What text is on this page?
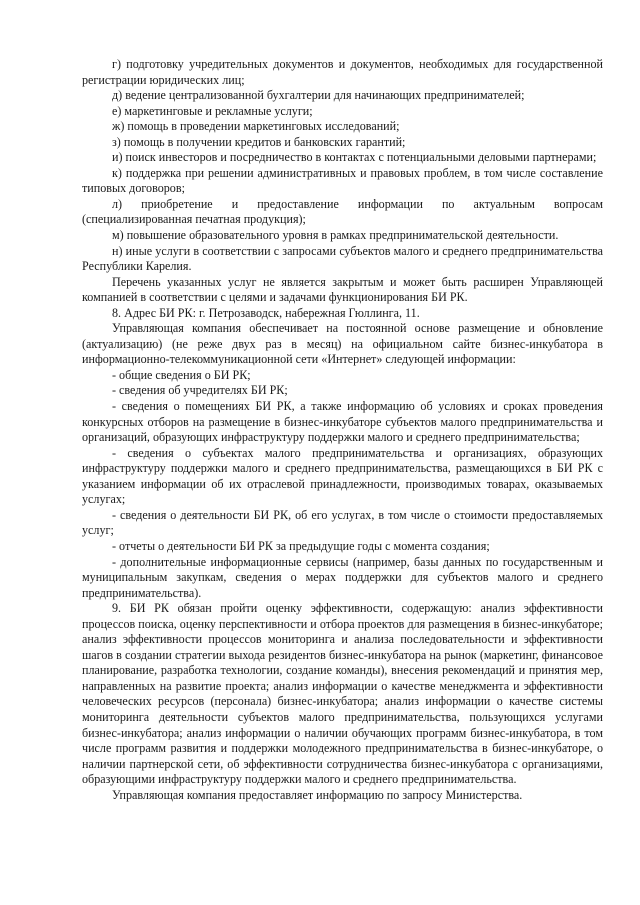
г) подготовку учредительных документов и документов, необходимых для государственной регистрации юридических лиц;

д) ведение централизованной бухгалтерии для начинающих предпринимателей;

е) маркетинговые и рекламные услуги;

ж) помощь в проведении маркетинговых исследований;

з) помощь в получении кредитов и банковских гарантий;

и) поиск инвесторов и посредничество в контактах с потенциальными деловыми партнерами;

к) поддержка при решении административных и правовых проблем, в том числе составление типовых договоров;

л) приобретение и предоставление информации по актуальным вопросам (специализированная печатная продукция);

м) повышение образовательного уровня в рамках предпринимательской деятельности.

н) иные услуги в соответствии с запросами субъектов малого и среднего предпринимательства Республики Карелия.

Перечень указанных услуг не является закрытым и может быть расширен Управляющей компанией в соответствии с целями и задачами функционирования БИ РК.

8. Адрес БИ РК: г. Петрозаводск, набережная Гюллинга, 11.

Управляющая компания обеспечивает на постоянной основе размещение и обновление (актуализацию) (не реже двух раз в месяц) на официальном сайте бизнес-инкубатора в информационно-телекоммуникационной сети «Интернет» следующей информации:

- общие сведения о БИ РК;

- сведения об учредителях БИ РК;

- сведения о помещениях БИ РК, а также информацию об условиях и сроках проведения конкурсных отборов на размещение в бизнес-инкубаторе субъектов малого предпринимательства и организаций, образующих инфраструктуру поддержки малого и среднего предпринимательства;

- сведения о субъектах малого предпринимательства и организациях, образующих инфраструктуру поддержки малого и среднего предпринимательства, размещающихся в БИ РК с указанием информации об их отраслевой принадлежности, производимых товарах, оказываемых услугах;

- сведения о деятельности БИ РК, об его услугах, в том числе о стоимости предоставляемых услуг;

- отчеты о деятельности БИ РК за предыдущие годы с момента создания;

- дополнительные информационные сервисы (например, базы данных по государственным и муниципальным закупкам, сведения о мерах поддержки для субъектов малого и среднего предпринимательства).

9. БИ РК обязан пройти оценку эффективности, содержащую: анализ эффективности процессов поиска, оценку перспективности и отбора проектов для размещения в бизнес-инкубаторе; анализ эффективности процессов мониторинга и анализа последовательности и эффективности шагов в создании стратегии выхода резидентов бизнес-инкубатора на рынок (маркетинг, финансовое планирование, разработка технологии, создание команды), внесения рекомендаций и принятия мер, направленных на развитие проекта; анализ информации о качестве менеджмента и эффективности человеческих ресурсов (персонала) бизнес-инкубатора; анализ информации о качестве системы мониторинга деятельности субъектов малого предпринимательства, пользующихся услугами бизнес-инкубатора; анализ информации о наличии обучающих программ бизнес-инкубатора, в том числе программ развития и поддержки молодежного предпринимательства в бизнес-инкубаторе, о наличии партнерской сети, об эффективности сотрудничества бизнес-инкубатора с организациями, образующими инфраструктуру поддержки малого и среднего предпринимательства.

Управляющая компания предоставляет информацию по запросу Министерства.
